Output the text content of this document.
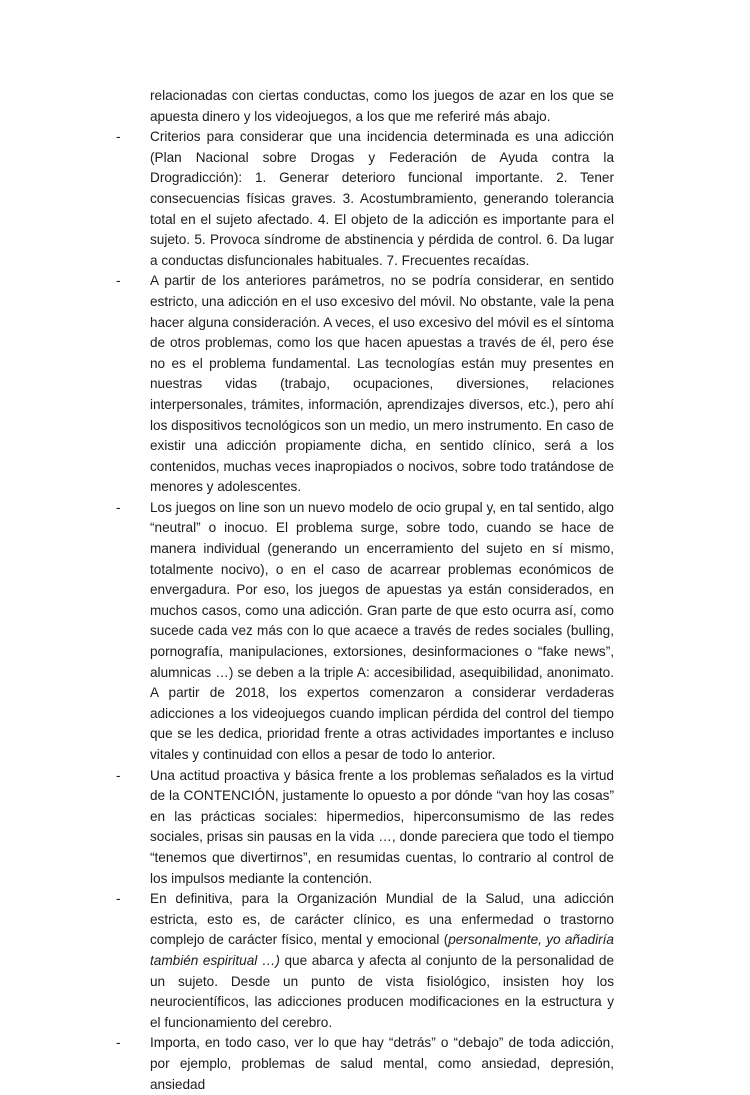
relacionadas con ciertas conductas, como los juegos de azar en los que se apuesta dinero y los videojuegos, a los que me referiré más abajo.

- Criterios para considerar que una incidencia determinada es una adicción (Plan Nacional sobre Drogas y Federación de Ayuda contra la Drogradicción): 1. Generar deterioro funcional importante. 2. Tener consecuencias físicas graves. 3. Acostumbramiento, generando tolerancia total en el sujeto afectado. 4. El objeto de la adicción es importante para el sujeto. 5. Provoca síndrome de abstinencia y pérdida de control. 6. Da lugar a conductas disfuncionales habituales. 7. Frecuentes recaídas.

- A partir de los anteriores parámetros, no se podría considerar, en sentido estricto, una adicción en el uso excesivo del móvil. No obstante, vale la pena hacer alguna consideración. A veces, el uso excesivo del móvil es el síntoma de otros problemas, como los que hacen apuestas a través de él, pero ése no es el problema fundamental. Las tecnologías están muy presentes en nuestras vidas (trabajo, ocupaciones, diversiones, relaciones interpersonales, trámites, información, aprendizajes diversos, etc.), pero ahí los dispositivos tecnológicos son un medio, un mero instrumento. En caso de existir una adicción propiamente dicha, en sentido clínico, será a los contenidos, muchas veces inapropiados o nocivos, sobre todo tratándose de menores y adolescentes.

- Los juegos on line son un nuevo modelo de ocio grupal y, en tal sentido, algo “neutral” o inocuo. El problema surge, sobre todo, cuando se hace de manera individual (generando un encerramiento del sujeto en sí mismo, totalmente nocivo), o en el caso de acarrear problemas económicos de envergadura. Por eso, los juegos de apuestas ya están considerados, en muchos casos, como una adicción. Gran parte de que esto ocurra así, como sucede cada vez más con lo que acaece a través de redes sociales (bulling, pornografía, manipulaciones, extorsiones, desinformaciones o “fake news”, alumnicas …) se deben a la triple A: accesibilidad, asequibilidad, anonimato. A partir de 2018, los expertos comenzaron a considerar verdaderas adicciones a los videojuegos cuando implican pérdida del control del tiempo que se les dedica, prioridad frente a otras actividades importantes e incluso vitales y continuidad con ellos a pesar de todo lo anterior.

- Una actitud proactiva y básica frente a los problemas señalados es la virtud de la CONTENCIÓN, justamente lo opuesto a por dónde “van hoy las cosas” en las prácticas sociales: hipermedios, hiperconsumismo de las redes sociales, prisas sin pausas en la vida …, donde pareciera que todo el tiempo “tenemos que divertirnos”, en resumidas cuentas, lo contrario al control de los impulsos mediante la contención.

- En definitiva, para la Organización Mundial de la Salud, una adicción estricta, esto es, de carácter clínico, es una enfermedad o trastorno complejo de carácter físico, mental y emocional (personalmente, yo añadiría también espiritual …) que abarca y afecta al conjunto de la personalidad de un sujeto. Desde un punto de vista fisiológico, insisten hoy los neurocientíficos, las adicciones producen modificaciones en la estructura y el funcionamiento del cerebro.

- Importa, en todo caso, ver lo que hay “detrás” o “debajo” de toda adicción, por ejemplo, problemas de salud mental, como ansiedad, depresión, ansiedad
